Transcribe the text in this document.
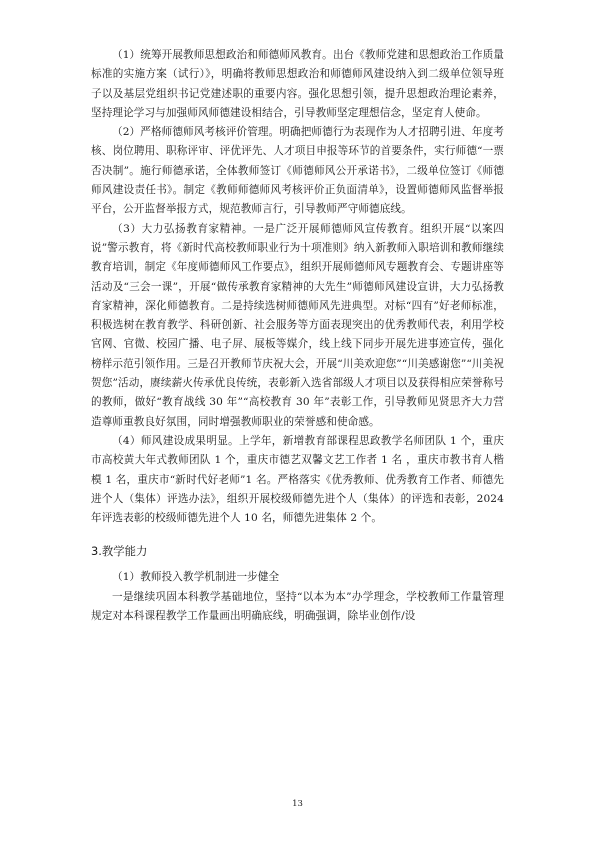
（1）统筹开展教师思想政治和师德师风教育。出台《教师党建和思想政治工作质量标准的实施方案（试行）》，明确将教师思想政治和师德师风建设纳入到二级单位领导班子以及基层党组织书记党建述职的重要内容。强化思想引领，提升思想政治理论素养，坚持理论学习与加强师风师德建设相结合，引导教师坚定理想信念，坚定育人使命。

（2）严格师德师风考核评价管理。明确把师德行为表现作为人才招聘引进、年度考核、岗位聘用、职称评审、评优评先、人才项目申报等环节的首要条件，实行师德“一票否决制”。施行师德承诺，全体教师签订《师德师风公开承诺书》，二级单位签订《师德师风建设责任书》。制定《教师师德师风考核评价正负面清单》，设置师德师风监督举报平台，公开监督举报方式，规范教师言行，引导教师严守师德底线。

（3）大力弘扬教育家精神。一是广泛开展师德师风宣传教育。组织开展“以案四说”警示教育，将《新时代高校教师职业行为十项准则》纳入新教师入职培训和教师继续教育培训，制定《年度师德师风工作要点》，组织开展师德师风专题教育会、专题讲座等活动及“三会一课”，开展“做传承教育家精神的大先生”师德师风建设宣讲，大力弘扬教育家精神，深化师德教育。二是持续选树师德师风先进典型。对标“四有”好老师标准，积极选树在教育教学、科研创新、社会服务等方面表现突出的优秀教师代表，利用学校官网、官微、校园广播、电子屏、展板等媒介，线上线下同步开展先进事迹宣传，强化榜样示范引领作用。三是召开教师节庆祝大会，开展“川美欢迎您”“川美感谢您”“川美祝贺您”活动，赓续薪火传承优良传统，表彰新入选省部级人才项目以及获得相应荣誉称号的教师，做好“教育战线 30 年”“高校教育 30 年”表彰工作，引导教师见贤思齐大力营造尊师重教良好氛围，同时增强教师职业的荣誉感和使命感。

（4）师风建设成果明显。上学年，新增教育部课程思政教学名师团队 1 个，重庆市高校黄大年式教师团队 1 个，重庆市德艺双馨文艺工作者 1 名 ，重庆市教书育人楷模 1 名，重庆市“新时代好老师”1 名。严格落实《优秀教师、优秀教育工作者、师德先进个人（集体）评选办法》，组织开展校级师德先进个人（集体）的评选和表彰，2024 年评选表彰的校级师德先进个人 10 名，师德先进集体 2 个。

3.教学能力

（1）教师投入教学机制进一步健全

一是继续巩固本科教学基础地位，坚持“以本为本”办学理念，学校教师工作量管理规定对本科课程教学工作量画出明确底线，明确强调，除毕业创作/设

13
